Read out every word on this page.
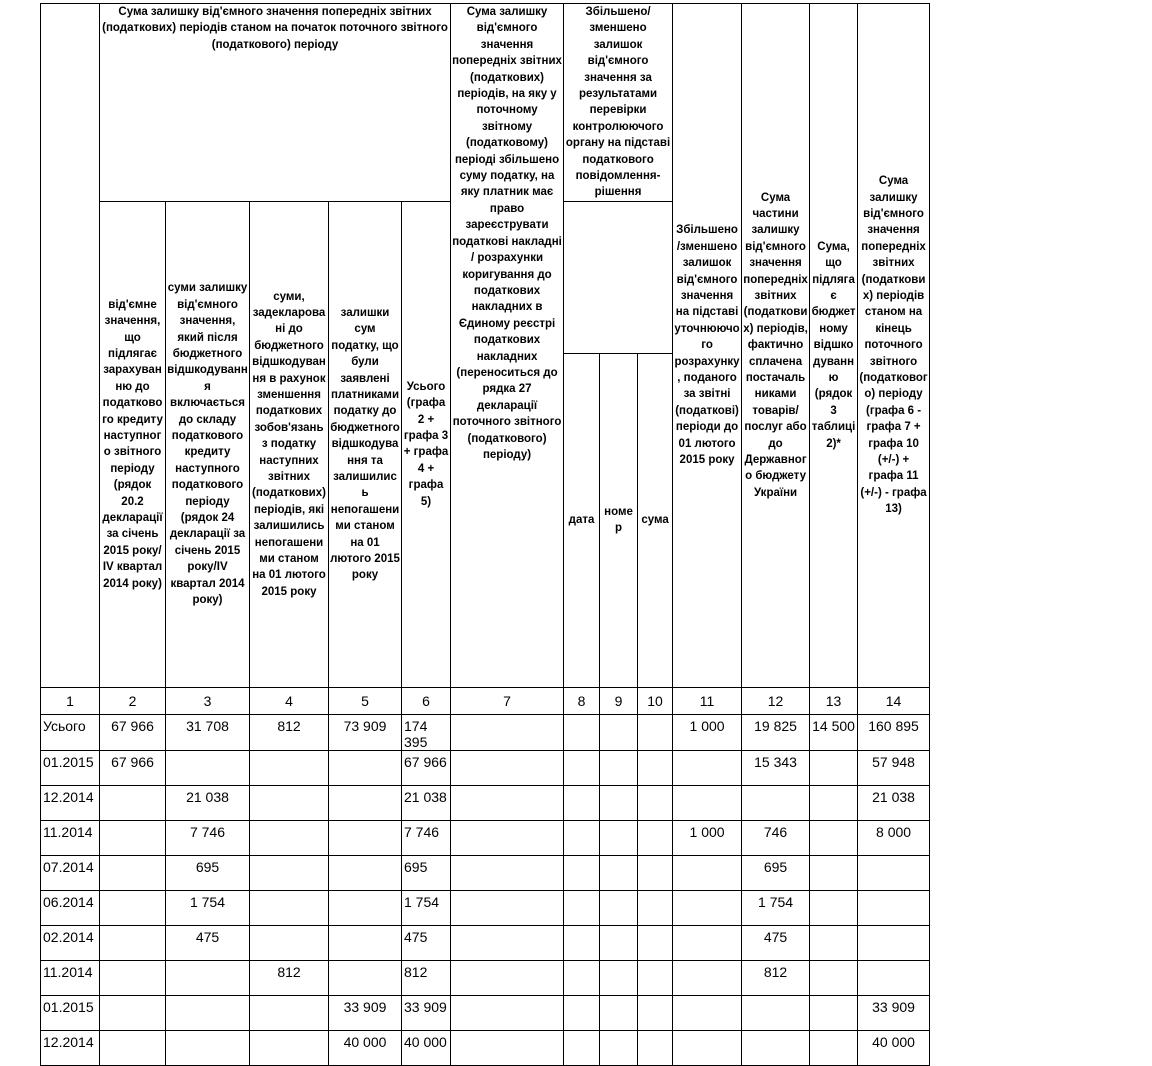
	Сума залишку від'ємного значення попередніх звітних (податкових) періодів станом на початок поточного звітного (податкового) періоду					Сума залишку від'ємного значення попередніх звітних (податкових) періодів, на яку у поточному звітному (податковому) періоді збільшено суму податку, на яку платник має право зареєструвати податкові накладні / розрахунки коригування до податкових накладних в Єдиному реєстрі податкових накладних (переноситься до рядка 27 декларації поточного звітного (податкового) періоду)	Збільшено/зменшено залишок від'ємного значення за результатами перевірки контролюючого органу на підставі податкового повідомлення-рішення			Збільшено /зменшено залишок від'ємного значення на підставі уточнюючого розрахунку, поданого за звітні (податкові) періоди до 01 лютого 2015 року	Сума частини залишку від'ємного значення попередніх звітних (податкових) періодів, фактично сплачена постачальниками товарів/послуг або до Державного бюджету України	Сума, що підлягає бюджетному відшкодуванню (рядок 3 таблиці 2)*	Сума залишку від'ємного значення попередніх звітних (податкових) періодів станом на кінець поточного звітного (податкового) періоду (графа 6 - графа 7 + графа 10 (+/-) + графа 11 (+/-) - графа 13)
	від'ємне значення, що підлягає зарахуванню до податкового кредиту наступного звітного періоду (рядок 20.2 декларації за січень 2015 року/ IV квартал 2014 року)	суми залишку від'ємного значення, який після бюджетного відшкодування включається до складу податкового кредиту наступного податкового періоду (рядок 24 декларації за січень 2015 року/IV квартал 2014 року)	суми, задекларовані до бюджетного відшкодування в рахунок зменшення податкових зобов'язань з податку наступних звітних (податкових) періодів, які залишились непогашеними станом на 01 лютого 2015 року	залишки сум податку, що були заявлені платниками податку до бюджетного відшкодування та залишились непогашеними станом на 01 лютого 2015 року	Усього (графа 2 + графа 3 + графа 4 + графа 5)								
							дата	номер	сума				
1	2	3	4	5	6	7	8	9	10	11	12	13	14
Усього	67 966	31 708	812	73 909	174 395					1 000	19 825	14 500	160 895
01.2015	67 966				67 966						15 343		57 948
12.2014		21 038			21 038								21 038
11.2014		7 746			7 746					1 000	746		8 000
07.2014		695			695						695		
06.2014		1 754			1 754						1 754		
02.2014		475			475						475		
11.2014			812		812						812		
01.2015				33 909	33 909								33 909
12.2014				40 000	40 000								40 000
